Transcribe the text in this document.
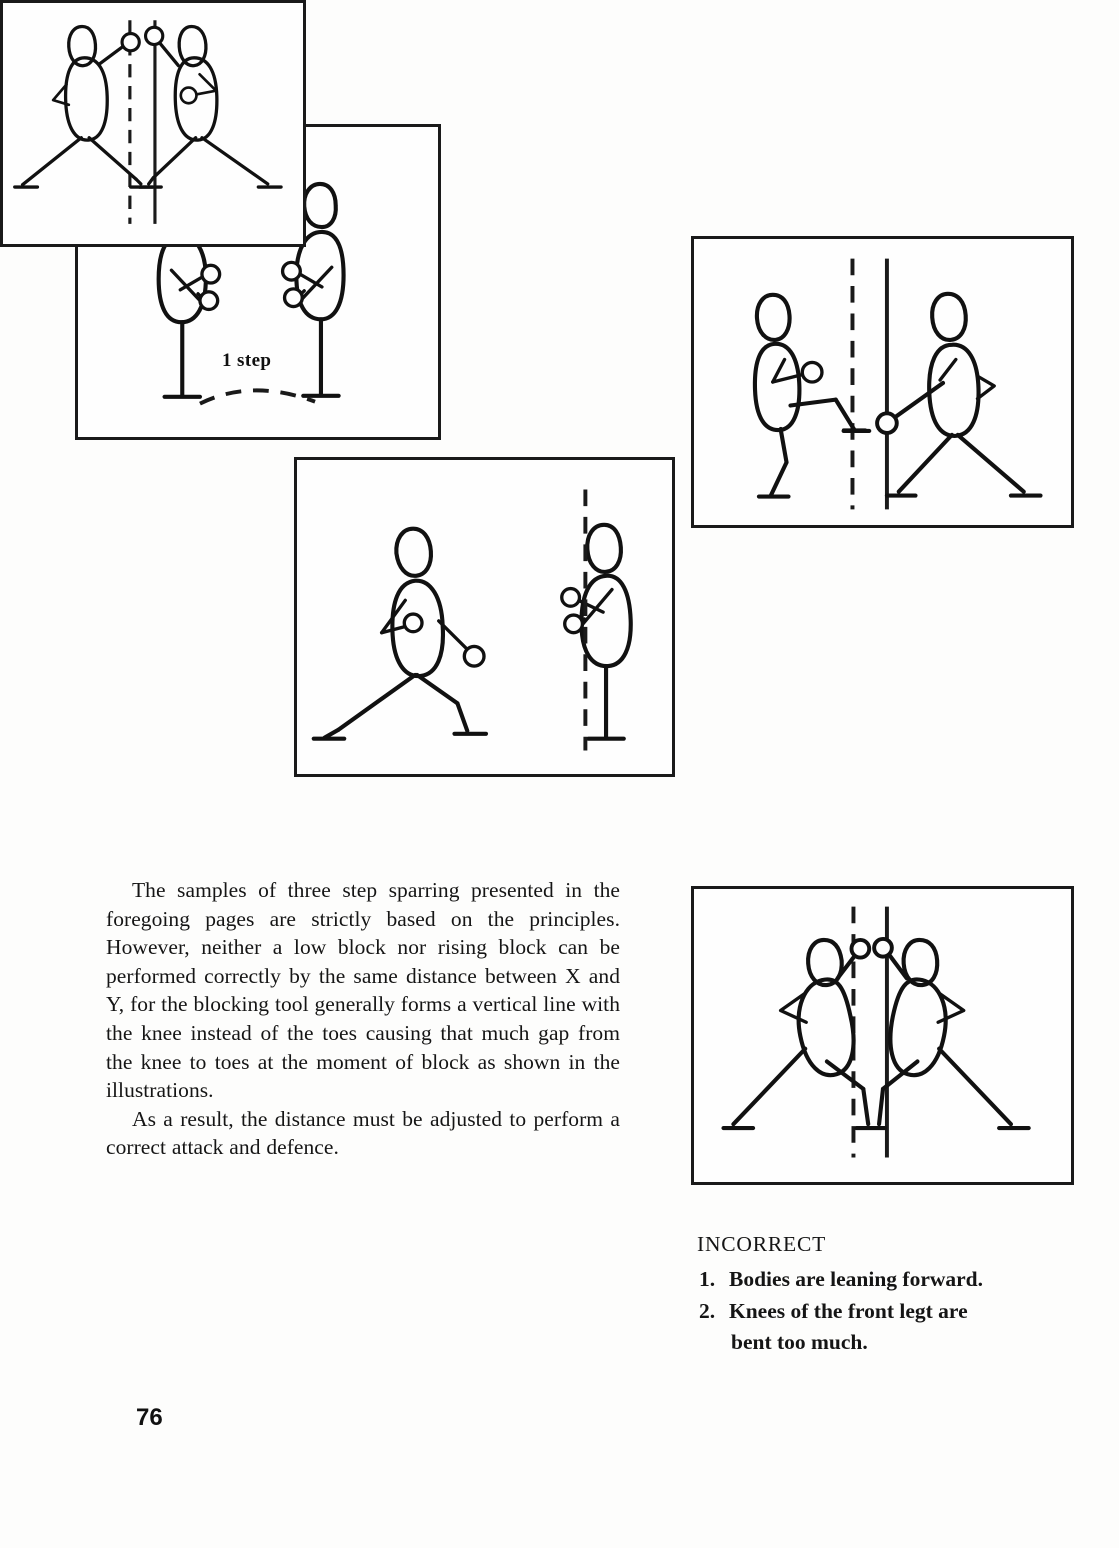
1 step

The samples of three step sparring presented in the foregoing pages are strictly based on the principles. However, neither a low block nor rising block can be performed correctly by the same distance between X and Y, for the blocking tool generally forms a vertical line with the knee instead of the toes causing that much gap from the knee to toes at the moment of block as shown in the illustrations.

As a result, the distance must be adjusted to perform a correct attack and defence.

INCORRECT
1. Bodies are leaning forward.
2. Knees of the front legt are
bent too much.
76
